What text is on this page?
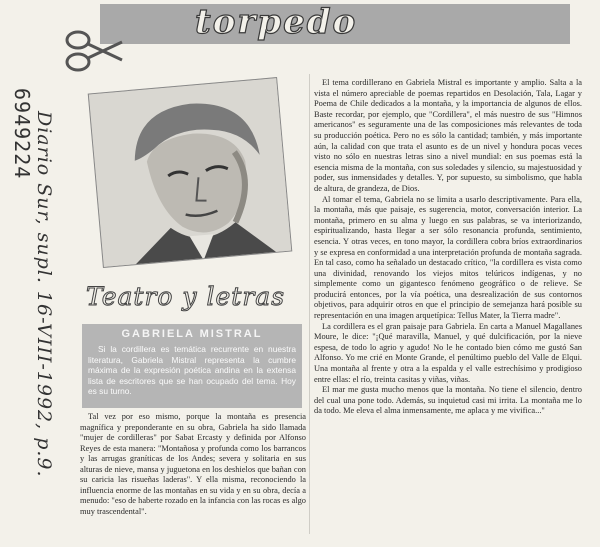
torpedo
6949224 Diario Sur, supl. 16-VIII-1992, p.9. Teatro y letras
GABRIELA MISTRAL
Si la cordillera es temática recurrente en nuestra literatura, Gabriela Mistral representa la cumbre máxima de la expresión poética andina en la extensa lista de escritores que se han ocupado del tema. Hoy es su turno.
Tal vez por eso mismo, porque la montaña es presencia magnífica y preponderante en su obra, Gabriela ha sido llamada "mujer de cordilleras" por Sabat Ercasty y definida por Alfonso Reyes de esta manera: "Montañosa y profunda como los barrancos y las arrugas graníticas de los Andes; severa y solitaria en sus alturas de nieve, mansa y juguetona en los deshielos que bañan con su caricia las risueñas laderas". Y ella misma, reconociendo la influencia enorme de las montañas en su vida y en su obra, decía a menudo: "eso de haberte rozado en la infancia con las rocas es algo muy trascendental".

El tema cordillerano en Gabriela Mistral es importante y amplio. Salta a la vista el número apreciable de poemas repartidos en Desolación, Tala, Lagar y Poema de Chile dedicados a la montaña, y la importancia de algunos de ellos. Baste recordar, por ejemplo, que "Cordillera", el más nuestro de sus "Himnos americanos" es seguramente una de las composiciones más relevantes de toda su producción poética. Pero no es sólo la cantidad; también, y más importante aún, la calidad con que trata el asunto es de un nivel y hondura pocas veces visto no sólo en nuestras letras sino a nivel mundial: en sus poemas está la esencia misma de la montaña, con sus soledades y silencio, su majestuosidad y poder, sus inmensidades y detalles. Y, por supuesto, su simbolismo, que habla de altura, de grandeza, de Dios.

Al tomar el tema, Gabriela no se limita a usarlo descriptivamente. Para ella, la montaña, más que paisaje, es sugerencia, motor, conversación interior. La montaña, primero en su alma y luego en sus palabras, se va interiorizando, espiritualizando, hasta llegar a ser sólo resonancia profunda, sentimiento, esencia. Y otras veces, en tono mayor, la cordillera cobra bríos extraordinarios y se expresa en conformidad a una interpretación profunda de montaña sagrada. En tal caso, como ha señalado un destacado crítico, "la cordillera es vista como una divinidad, renovando los viejos mitos telúricos indígenas, y no simplemente como un gigantesco fenómeno geográfico o de relieve. Se producirá entonces, por la vía poética, una desrealización de sus contornos objetivos, para adquirir otros en que el principio de semejanza hará posible su representación en una imagen arquetípica: Tellus Mater, la Tierra madre".

La cordillera es el gran paisaje para Gabriela. En carta a Manuel Magallanes Moure, le dice: "¡Qué maravilla, Manuel, y qué dulcificación, por la nieve espesa, de todo lo agrio y agudo! No le he contado bien cómo me gustó San Alfonso. Yo me crié en Monte Grande, el penúltimo pueblo del Valle de Elqui. Una montaña al frente y otra a la espalda y el valle estrechísimo y prodigioso entre ellas: el río, treinta casitas y viñas, viñas.

El mar me gusta mucho menos que la montaña. No tiene el silencio, dentro del cual una pone todo. Además, su inquietud casi mi irrita. La montaña me lo da todo. Me eleva el alma inmensamente, me aplaca y me vivifica..."
